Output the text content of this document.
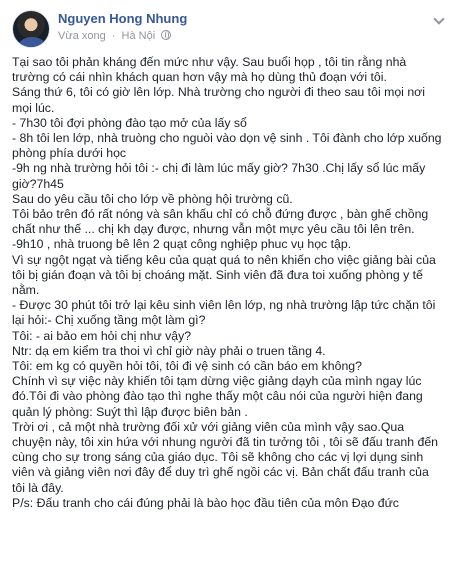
Nguyen Hong Nhung
Vừa xong · Hà Nội

Tại sao tôi phản kháng đến mức như vậy. Sau buổi họp , tôi tin rằng nhà trường có cái nhìn khách quan hơn vậy mà họ dùng thủ đoạn với tôi.

Sáng thứ 6, tôi có giờ lên lớp. Nhà trường cho người đi theo sau tôi mọi nơi mọi lúc.

- 7h30 tôi đợi phòng đào tạo mở của lấy sổ

- 8h tôi len lớp, nhà truòng cho nguòi vào dọn vệ sinh . Tôi đành cho lớp xuống phòng phía dưới học

-9h ng nhà trường hỏi tôi :- chị đi làm lúc mấy giờ? 7h30 .Chị lấy sổ lúc mấy giờ?7h45

Sau do yêu cầu tôi cho lớp về phòng hội trường cũ.

Tôi bảo trên đó rất nóng và sân khấu chỉ có chỗ đứng được , bàn ghế chồng chất như thế ... chị kh dạy được, nhưng vẫn một mực yêu cầu tôi lên trên.

-9h10 , nhà truong bê lên 2 quạt công nghiệp phuc vụ học tập.

Vì sự ngột ngạt và tiếng kêu của quạt quá to nên khiến cho việc giảng bài của tôi bị gián đoạn và tôi bị choáng mặt. Sinh viên đã đưa toi xuống phòng y tế nằm.

- Được 30 phút tôi trở lại kêu sinh viên lên lớp, ng nhà trường lập tức chặn tôi lại hỏi:- Chị xuống tầng một làm gì?

Tôi: - ai bảo em hỏi chị như vậy?

Ntr: dạ em kiểm tra thoi vì chỉ giờ này phải o truen tầng 4.

Tôi: em kg có quyền hỏi tôi, tôi đi vệ sinh có cần báo em không?

Chính vì sự việc này khiến tôi tạm dừng việc giảng dạyh của mình ngay lúc đó.Tôi đi vào phòng đào tạo thì nghe thấy một câu nói của người hiện đang quản lý phòng: Suýt thì lập được biên bản .

Trời ơi , cả một nhà trường đối xử với giảng viên của mình vậy sao.Qua chuyện này, tôi xin hứa với nhung người đã tin tưởng tôi , tôi sẽ đấu tranh đến cùng cho sự trong sáng của giáo dục. Tôi sẽ không cho các vị lợi dụng sinh viên và giảng viên nơi đây để duy trì ghế ngồi các vị. Bản chất đấu tranh của tôi là đây.

P/s: Đấu tranh cho cái đúng phải là bào học đầu tiên của môn Đạo đức
